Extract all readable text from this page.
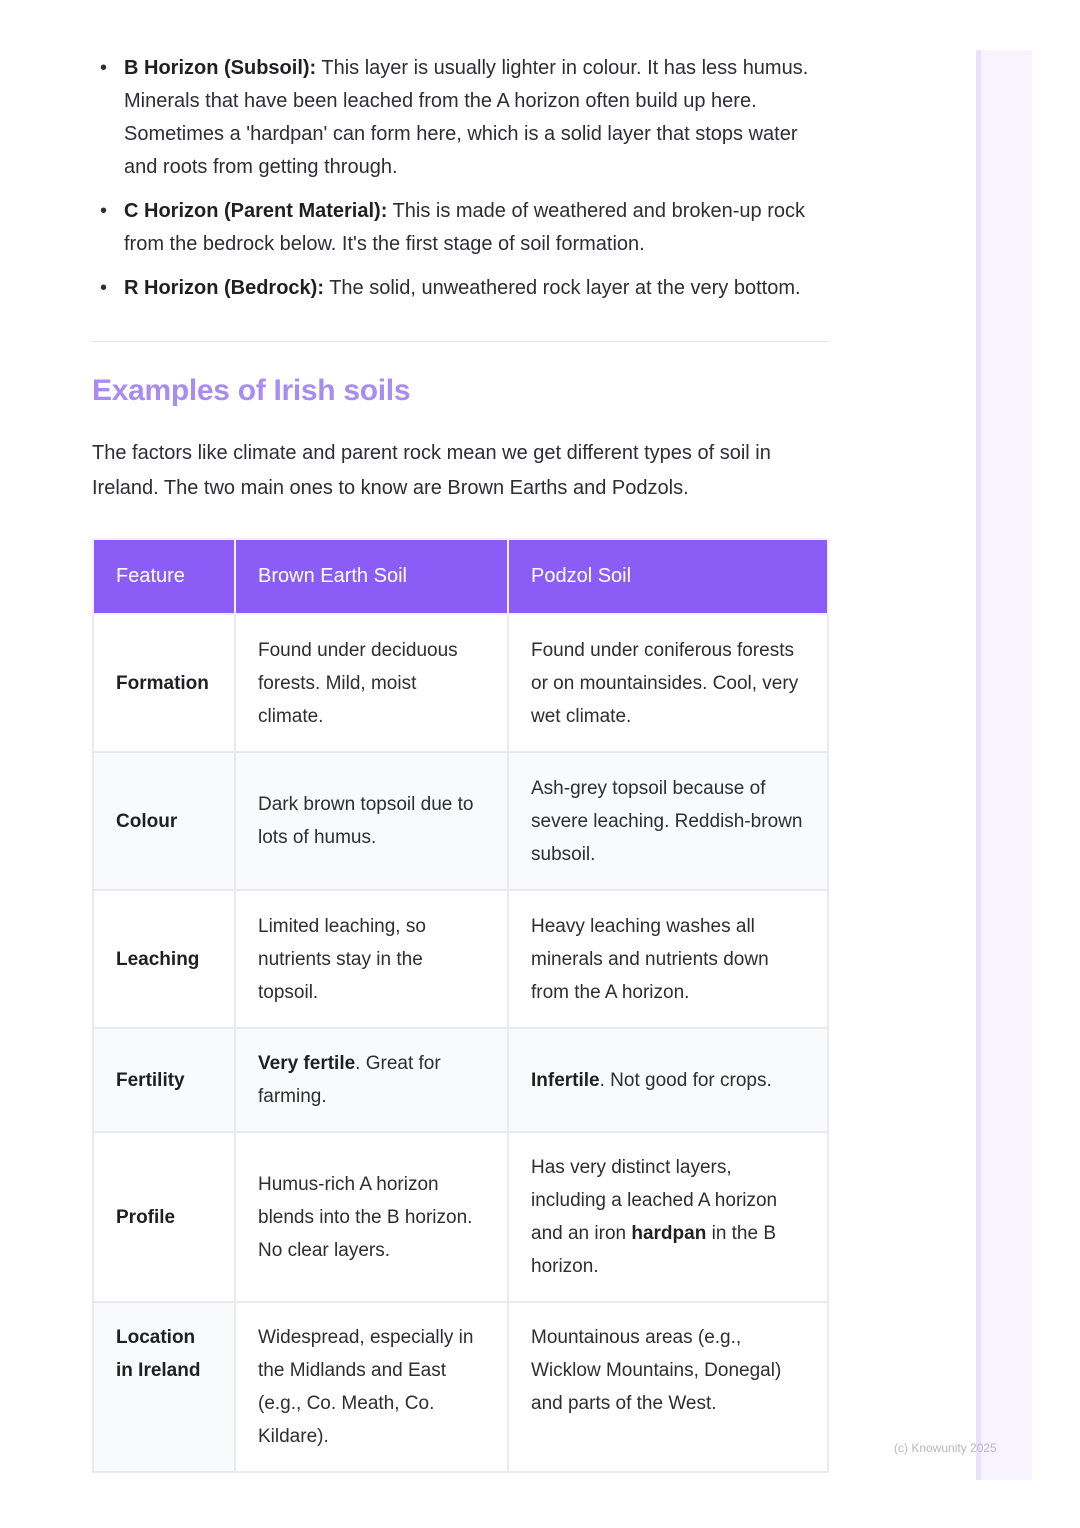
• B Horizon (Subsoil): This layer is usually lighter in colour. It has less humus. Minerals that have been leached from the A horizon often build up here. Sometimes a 'hardpan' can form here, which is a solid layer that stops water and roots from getting through.
• C Horizon (Parent Material): This is made of weathered and broken-up rock from the bedrock below. It's the first stage of soil formation.
• R Horizon (Bedrock): The solid, unweathered rock layer at the very bottom.
Examples of Irish soils

The factors like climate and parent rock mean we get different types of soil in Ireland. The two main ones to know are Brown Earths and Podzols.

Feature	Brown Earth Soil	Podzol Soil
Formation	Found under deciduous forests. Mild, moist climate.	Found under coniferous forests or on mountainsides. Cool, very wet climate.
Colour	Dark brown topsoil due to lots of humus.	Ash-grey topsoil because of severe leaching. Reddish-brown subsoil.
Leaching	Limited leaching, so nutrients stay in the topsoil.	Heavy leaching washes all minerals and nutrients down from the A horizon.
Fertility	Very fertile. Great for farming.	Infertile. Not good for crops.
Profile	Humus-rich A horizon blends into the B horizon. No clear layers.	Has very distinct layers, including a leached A horizon and an iron hardpan in the B horizon.
Location in Ireland	Widespread, especially in the Midlands and East (e.g., Co. Meath, Co. Kildare).	Mountainous areas (e.g., Wicklow Mountains, Donegal) and parts of the West.
(c) Knowunity 2025
